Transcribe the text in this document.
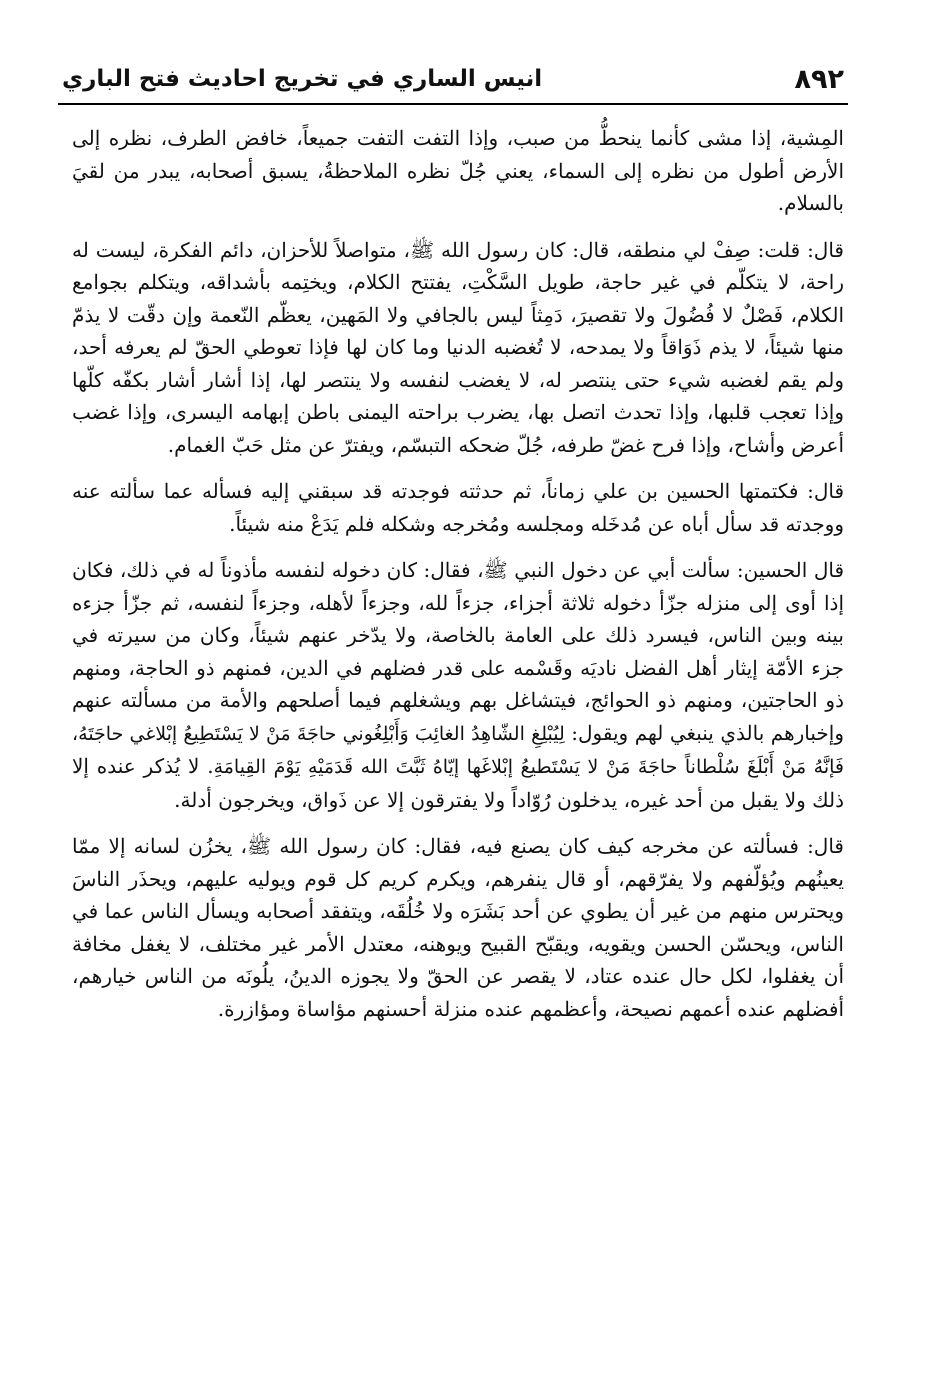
٨٩٢
انيس الساري في تخريج احاديث فتح الباري

المِشية، إذا مشى كأنما ينحطُّ من صبب، وإذا التفت التفت جميعاً، خافض الطرف، نظره إلى الأرض أطول من نظره إلى السماء، يعني جُلّ نظره الملاحظةُ، يسبق أصحابه، يبدر من لقيَ بالسلام.

قال: قلت: صِفْ لي منطقه، قال: كان رسول الله ﷺ، متواصلاً للأحزان، دائم الفكرة، ليست له راحة، لا يتكلّم في غير حاجة، طويل السَّكْتِ، يفتتح الكلام، ويختِمه بأشداقه، ويتكلم بجوامع الكلام، فَصْلٌ لا فُضُولَ ولا تقصيرَ، دَمِثاً ليس بالجافي ولا المَهين، يعظّم النّعمة وإن دقّت لا يذمّ منها شيئاً، لا يذم ذَوَاقاً ولا يمدحه، لا تُغضبه الدنيا وما كان لها فإذا تعوطي الحقّ لم يعرفه أحد، ولم يقم لغضبه شيء حتى ينتصر له، لا يغضب لنفسه ولا ينتصر لها، إذا أشار أشار بكفّه كلّها وإذا تعجب قلبها، وإذا تحدث اتصل بها، يضرب براحته اليمنى باطن إبهامه اليسرى، وإذا غضب أعرض وأشاح، وإذا فرح غضّ طرفه، جُلّ ضحكه التبسّم، ويفترّ عن مثل حَبّ الغمام.

قال: فكتمتها الحسين بن علي زماناً، ثم حدثته فوجدته قد سبقني إليه فسأله عما سألته عنه ووجدته قد سأل أباه عن مُدخَله ومجلسه ومُخرجه وشكله فلم يَدَعْ منه شيئاً.

قال الحسين: سألت أبي عن دخول النبي ﷺ، فقال: كان دخوله لنفسه مأذوناً له في ذلك، فكان إذا أوى إلى منزله جزّأ دخوله ثلاثة أجزاء، جزءاً لله، وجزءاً لأهله، وجزءاً لنفسه، ثم جزّأ جزءه بينه وبين الناس، فيسرد ذلك على العامة بالخاصة، ولا يدّخر عنهم شيئاً، وكان من سيرته في جزء الأمّة إيثار أهل الفضل ناديَه وقَسْمه على قدر فضلهم في الدين، فمنهم ذو الحاجة، ومنهم ذو الحاجتين، ومنهم ذو الحوائج، فيتشاغل بهم ويشغلهم فيما أصلحهم والأمة من مسألته عنهم وإخبارهم بالذي ينبغي لهم ويقول: لِيُبْلِغِ الشّاهِدُ الغائِبَ وَأَبْلِغُوني حاجَةَ مَنْ لا يَسْتَطِيعُ إبْلاغي حاجَتَهُ، فَإنَّهُ مَنْ أَبْلَغَ سُلْطاناً حاجَةَ مَنْ لا يَسْتَطيعُ إبْلاغَها إيّاهُ ثَبَّتَ الله قَدَمَيْهِ يَوْمَ القِيامَةِ. لا يُذكر عنده إلا ذلك ولا يقبل من أحد غيره، يدخلون رُوّاداً ولا يفترقون إلا عن ذَواق، ويخرجون أدلة.

قال: فسألته عن مخرجه كيف كان يصنع فيه، فقال: كان رسول الله ﷺ، يخزُن لسانه إلا ممّا يعينُهم ويُؤلّفهم ولا يفرّقهم، أو قال ينفرهم، ويكرم كريم كل قوم ويوليه عليهم، ويحذَر الناسَ ويحترس منهم من غير أن يطوي عن أحد بَشَرَه ولا خُلُقَه، ويتفقد أصحابه ويسأل الناس عما في الناس، ويحسّن الحسن ويقويه، ويقبّح القبيح ويوهنه، معتدل الأمر غير مختلف، لا يغفل مخافة أن يغفلوا، لكل حال عنده عتاد، لا يقصر عن الحقّ ولا يجوزه الدينُ، يلُونَه من الناس خيارهم، أفضلهم عنده أعمهم نصيحة، وأعظمهم عنده منزلة أحسنهم مؤاساة ومؤازرة.
